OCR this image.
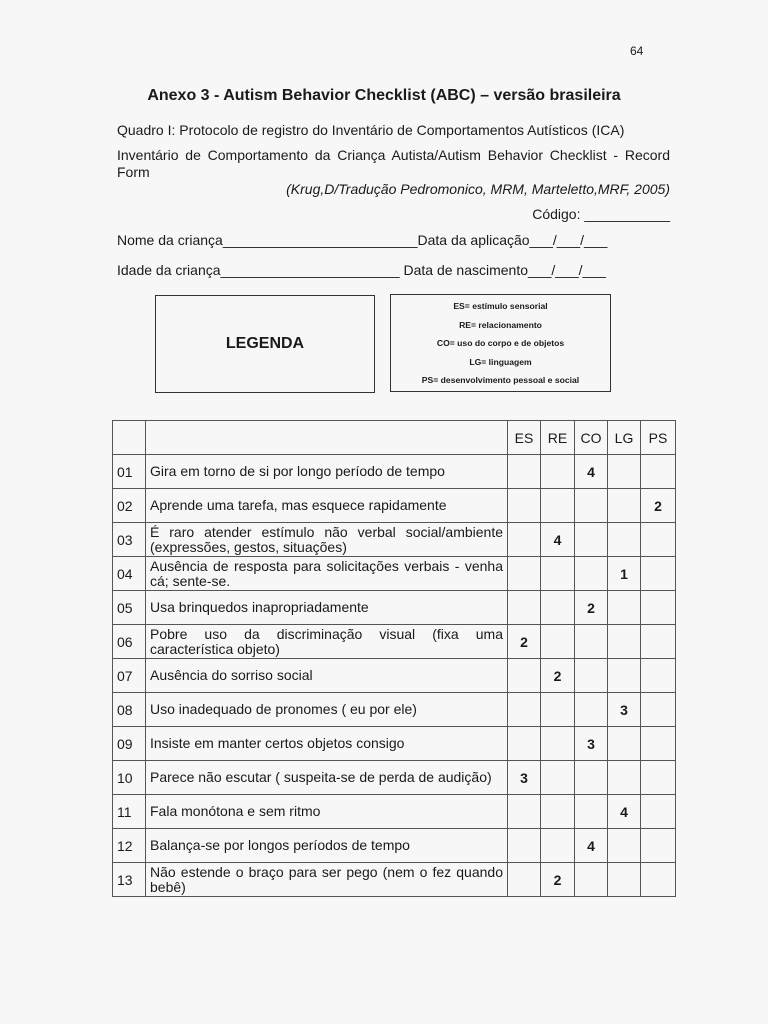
64
Anexo 3 - Autism Behavior Checklist (ABC) – versão brasileira
Quadro I: Protocolo de registro do Inventário de Comportamentos Autísticos (ICA)
Inventário de Comportamento da Criança Autista/Autism Behavior Checklist - Record Form
(Krug,D/Tradução Pedromonico, MRM, Marteletto,MRF, 2005)
Código: ___________
Nome da criança_________________________Data da aplicação___/___/___
Idade da criança_______________________ Data de nascimento___/___/___
LEGENDA
ES= estímulo sensorial
RE= relacionamento
CO= uso do corpo e de objetos
LG= linguagem
PS= desenvolvimento pessoal e social
		ES	RE	CO	LG	PS
01	Gira em torno de si por longo período de tempo			4		
02	Aprende uma tarefa, mas esquece rapidamente					2
03	É raro atender estímulo não verbal social/ambiente (expressões, gestos, situações)		4			
04	Ausência de resposta para solicitações verbais - venha cá; sente-se.				1	
05	Usa brinquedos inapropriadamente			2		
06	Pobre uso da discriminação visual (fixa uma característica objeto)	2				
07	Ausência do sorriso social		2			
08	Uso inadequado de pronomes ( eu por ele)				3	
09	Insiste em manter certos objetos consigo			3		
10	Parece não escutar ( suspeita-se de perda de audição)	3				
11	Fala monótona e sem ritmo				4	
12	Balança-se por longos períodos de tempo			4		
13	Não estende o braço para ser pego (nem o fez quando bebê)		2			
